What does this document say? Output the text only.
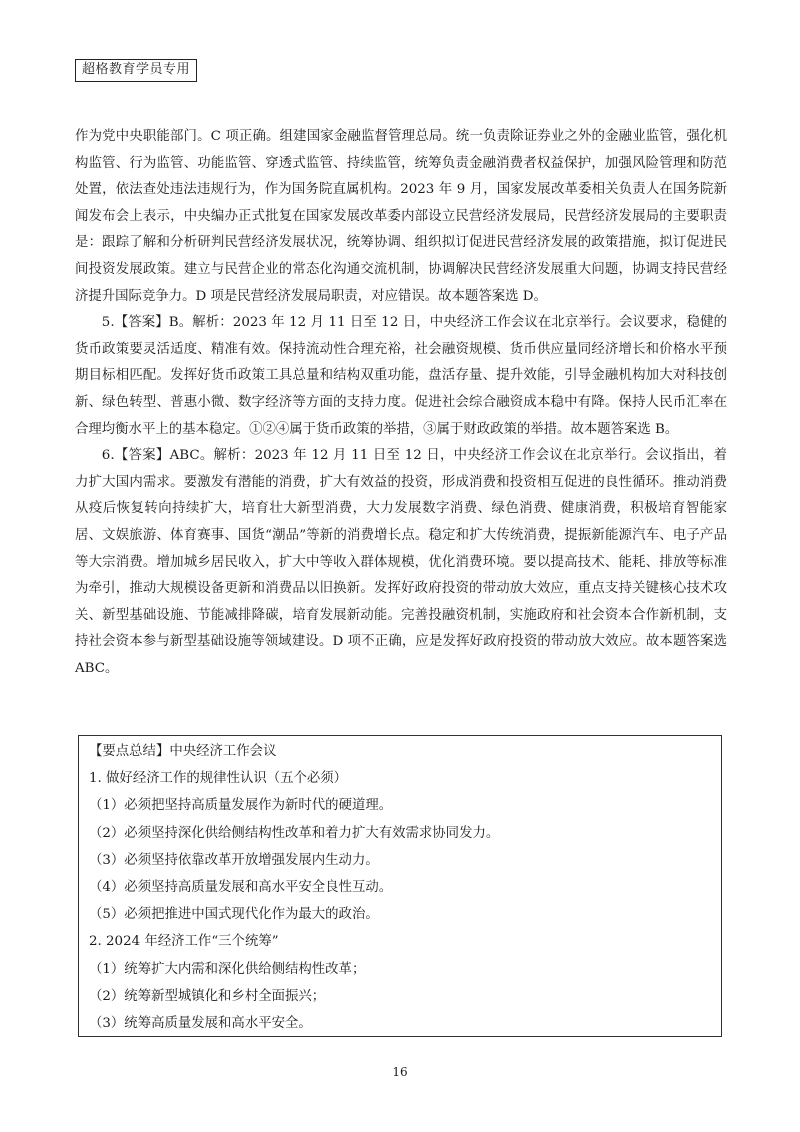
超格教育学员专用

作为党中央职能部门。C 项正确。组建国家金融监督管理总局。统一负责除证券业之外的金融业监管，强化机构监管、行为监管、功能监管、穿透式监管、持续监管，统筹负责金融消费者权益保护，加强风险管理和防范处置，依法查处违法违规行为，作为国务院直属机构。2023 年 9 月，国家发展改革委相关负责人在国务院新闻发布会上表示，中央编办正式批复在国家发展改革委内部设立民营经济发展局，民营经济发展局的主要职责是：跟踪了解和分析研判民营经济发展状况，统筹协调、组织拟订促进民营经济发展的政策措施，拟订促进民间投资发展政策。建立与民营企业的常态化沟通交流机制，协调解决民营经济发展重大问题，协调支持民营经济提升国际竞争力。D 项是民营经济发展局职责，对应错误。故本题答案选 D。

5.【答案】B。解析：2023 年 12 月 11 日至 12 日，中央经济工作会议在北京举行。会议要求，稳健的货币政策要灵活适度、精准有效。保持流动性合理充裕，社会融资规模、货币供应量同经济增长和价格水平预期目标相匹配。发挥好货币政策工具总量和结构双重功能，盘活存量、提升效能，引导金融机构加大对科技创新、绿色转型、普惠小微、数字经济等方面的支持力度。促进社会综合融资成本稳中有降。保持人民币汇率在合理均衡水平上的基本稳定。①②④属于货币政策的举措，③属于财政政策的举措。故本题答案选 B。

6.【答案】ABC。解析：2023 年 12 月 11 日至 12 日，中央经济工作会议在北京举行。会议指出，着力扩大国内需求。要激发有潜能的消费，扩大有效益的投资，形成消费和投资相互促进的良性循环。推动消费从疫后恢复转向持续扩大，培育壮大新型消费，大力发展数字消费、绿色消费、健康消费，积极培育智能家居、文娱旅游、体育赛事、国货“潮品”等新的消费增长点。稳定和扩大传统消费，提振新能源汽车、电子产品等大宗消费。增加城乡居民收入，扩大中等收入群体规模，优化消费环境。要以提高技术、能耗、排放等标准为牵引，推动大规模设备更新和消费品以旧换新。发挥好政府投资的带动放大效应，重点支持关键核心技术攻关、新型基础设施、节能减排降碳，培育发展新动能。完善投融资机制，实施政府和社会资本合作新机制，支持社会资本参与新型基础设施等领域建设。D 项不正确，应是发挥好政府投资的带动放大效应。故本题答案选 ABC。

【要点总结】中央经济工作会议
1. 做好经济工作的规律性认识（五个必须）
（1）必须把坚持高质量发展作为新时代的硬道理。
（2）必须坚持深化供给侧结构性改革和着力扩大有效需求协同发力。
（3）必须坚持依靠改革开放增强发展内生动力。
（4）必须坚持高质量发展和高水平安全良性互动。
（5）必须把推进中国式现代化作为最大的政治。
2. 2024 年经济工作“三个统筹”
（1）统筹扩大内需和深化供给侧结构性改革；
（2）统筹新型城镇化和乡村全面振兴；
（3）统筹高质量发展和高水平安全。
16
